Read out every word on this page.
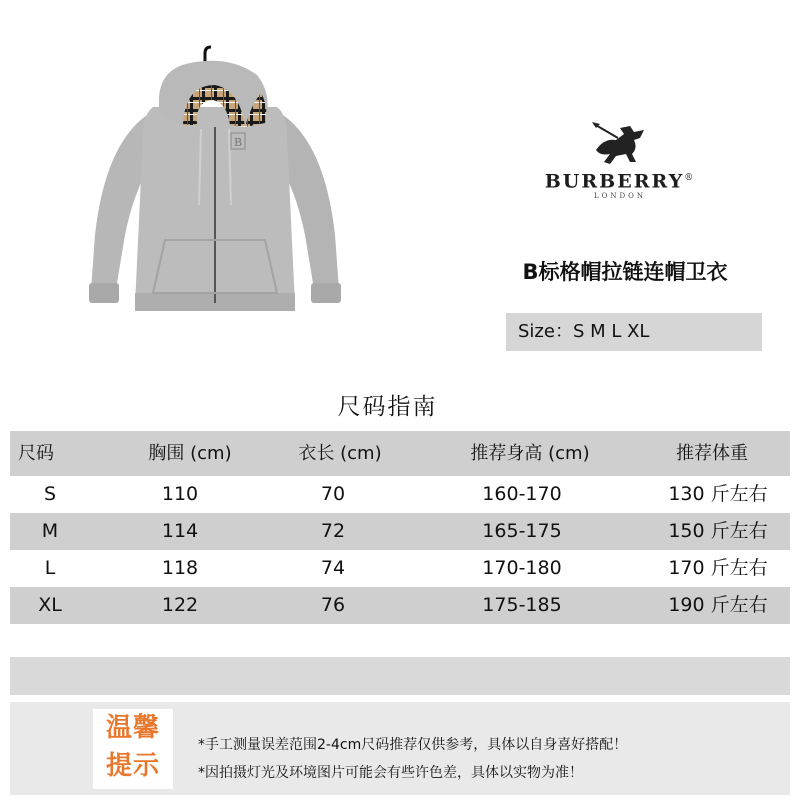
B
BURBERRY®
LONDON
B标格帽拉链连帽卫衣
Size：S M L XL
尺码指南
尺码	胸围 (cm)	衣长 (cm)	推荐身高 (cm)	推荐体重
S	110	70	160-170	130 斤左右
M	114	72	165-175	150 斤左右
L	118	74	170-180	170 斤左右
XL	122	76	175-185	190 斤左右
温馨
提示
*手工测量误差范围2-4cm尺码推荐仅供参考，具体以自身喜好搭配！
*因拍摄灯光及环境图片可能会有些许色差，具体以实物为准！
